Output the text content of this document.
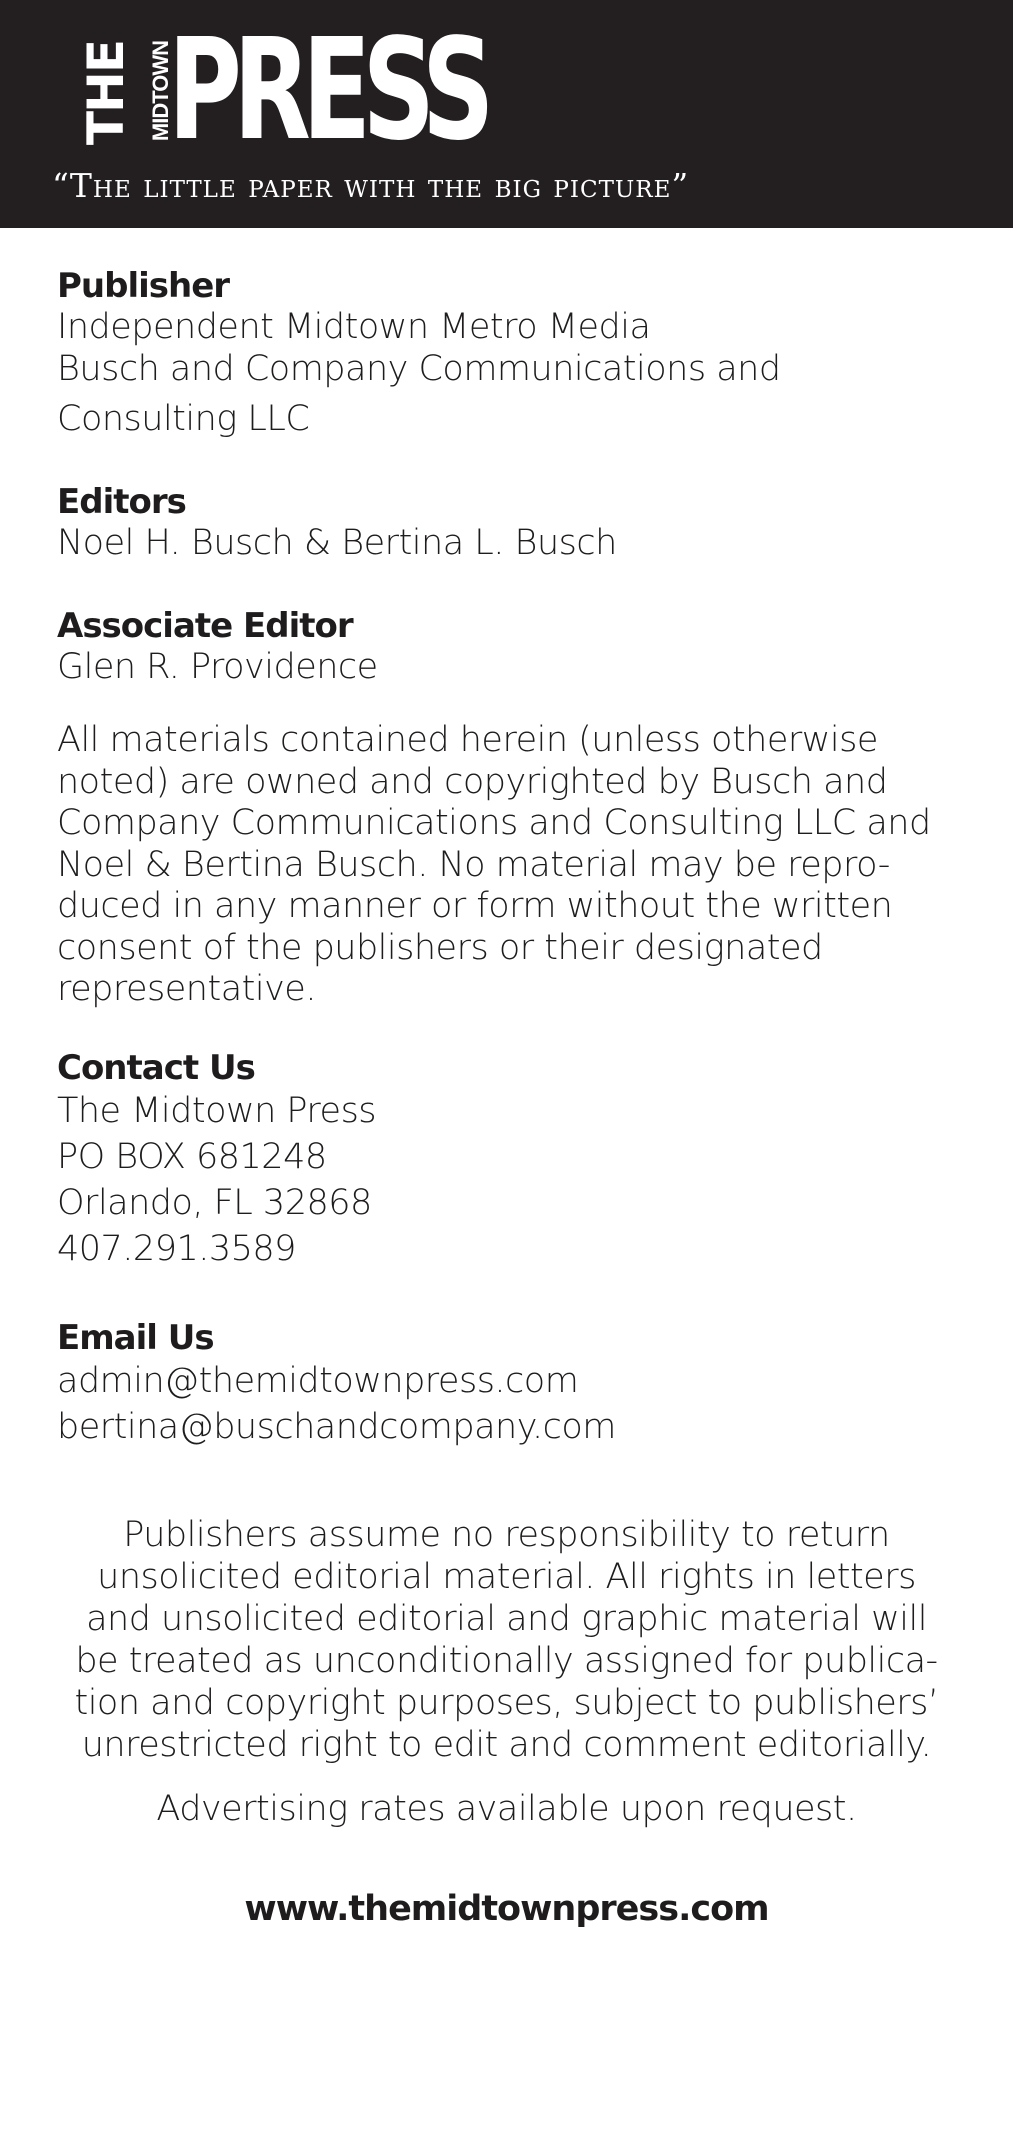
THE MIDTOWN
PRESS
“The little paper with the big picture”
Publisher
Independent Midtown Metro Media
Busch and Company Communications and
Consulting LLC
Editors
Noel H. Busch & Bertina L. Busch
Associate Editor
Glen R. Providence
All materials contained herein (unless otherwise
noted) are owned and copyrighted by Busch and
Company Communications and Consulting LLC and
Noel & Bertina Busch. No material may be repro-
duced in any manner or form without the written
consent of the publishers or their designated
representative.
Contact Us
The Midtown Press
PO BOX 681248
Orlando, FL 32868
407.291.3589
Email Us
admin@themidtownpress.com
bertina@buschandcompany.com
Publishers assume no responsibility to return
unsolicited editorial material. All rights in letters
and unsolicited editorial and graphic material will
be treated as unconditionally assigned for publica-
tion and copyright purposes, subject to publishers’
unrestricted right to edit and comment editorially.
Advertising rates available upon request.
www.themidtownpress.com
